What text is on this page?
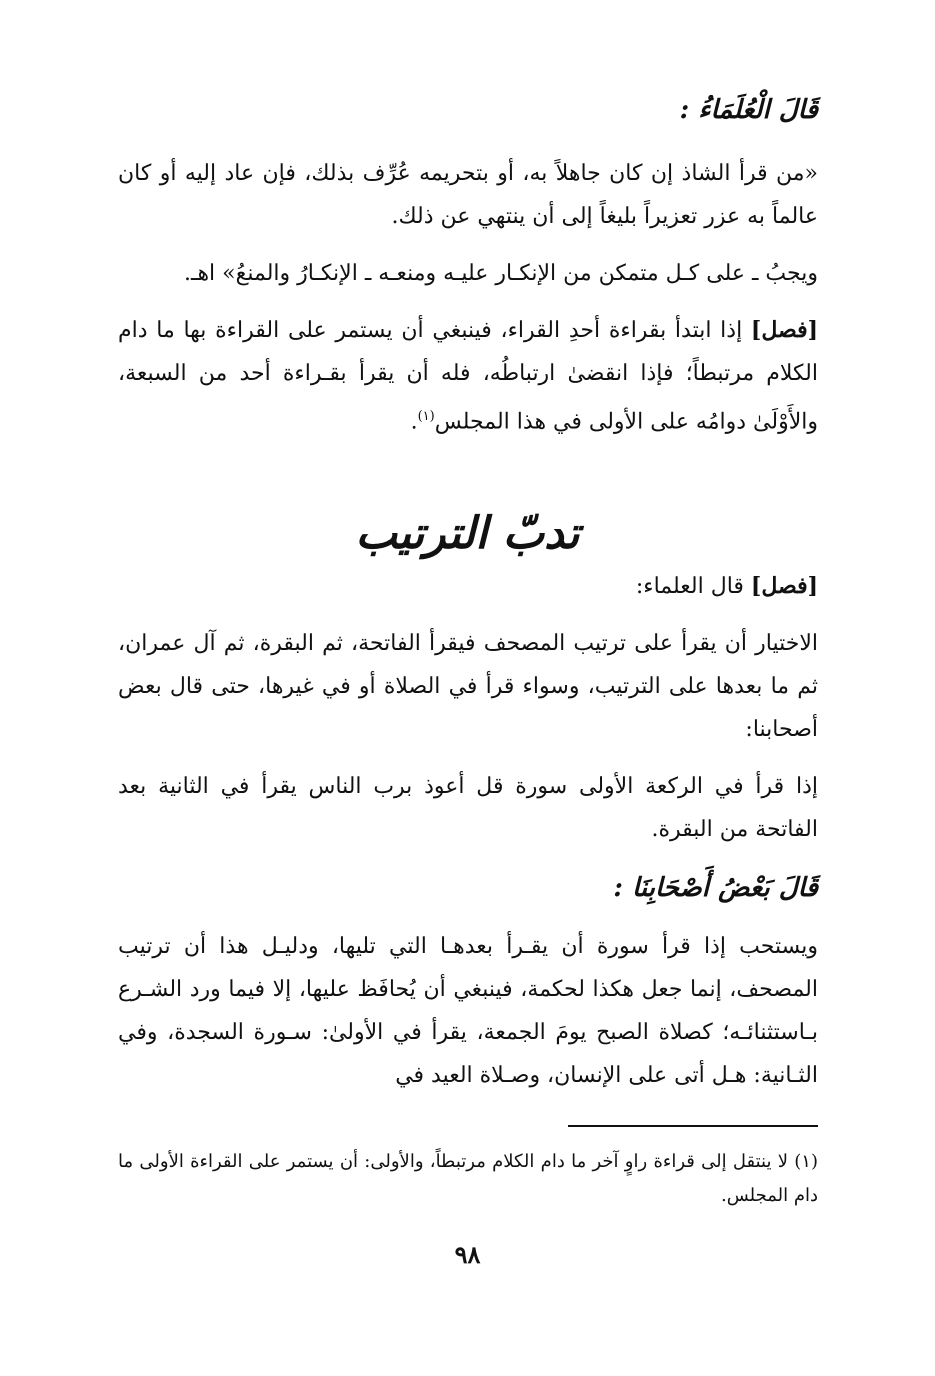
قَالَ الْعُلَمَاءُ :

«من قرأ الشاذ إن كان جاهلاً به، أو بتحريمه عُرِّف بذلك، فإن عاد إليه أو كان عالماً به عزر تعزيراً بليغاً إلى أن ينتهي عن ذلك.

ويجبُ ـ على كـل متمكن من الإنكـار عليـه ومنعـه ـ الإنكـارُ والمنعُ» اهـ.

[فصل] إذا ابتدأ بقراءة أحدِ القراء، فينبغي أن يستمر على القراءة بها ما دام الكلام مرتبطاً؛ فإذا انقضىٰ ارتباطُه، فله أن يقرأ بقـراءة أحد من السبعة، والأَوْلَىٰ دوامُه على الأولى في هذا المجلس$^{(١)}$.

تدبّ الترتيب

[فصل] قال العلماء:

الاختيار أن يقرأ على ترتيب المصحف فيقرأ الفاتحة، ثم البقرة، ثم آل عمران، ثم ما بعدها على الترتيب، وسواء قرأ في الصلاة أو في غيرها، حتى قال بعض أصحابنا:

إذا قرأ في الركعة الأولى سورة قل أعوذ برب الناس يقرأ في الثانية بعد الفاتحة من البقرة.

قَالَ بَعْضُ أَصْحَابِنَا :

ويستحب إذا قرأ سورة أن يقـرأ بعدهـا التي تليها، ودليـل هذا أن ترتيب المصحف، إنما جعل هكذا لحكمة، فينبغي أن يُحافَظ عليها، إلا فيما ورد الشـرع بـاستثنائـه؛ كصلاة الصبح يومَ الجمعة، يقرأ في الأولىٰ: سـورة السجدة، وفي الثـانية: هـل أتى على الإنسان، وصـلاة العيد في

(١) لا ينتقل إلى قراءة راوٍ آخر ما دام الكلام مرتبطاً، والأولى: أن يستمر على القراءة الأولى ما دام المجلس.
٩٨
